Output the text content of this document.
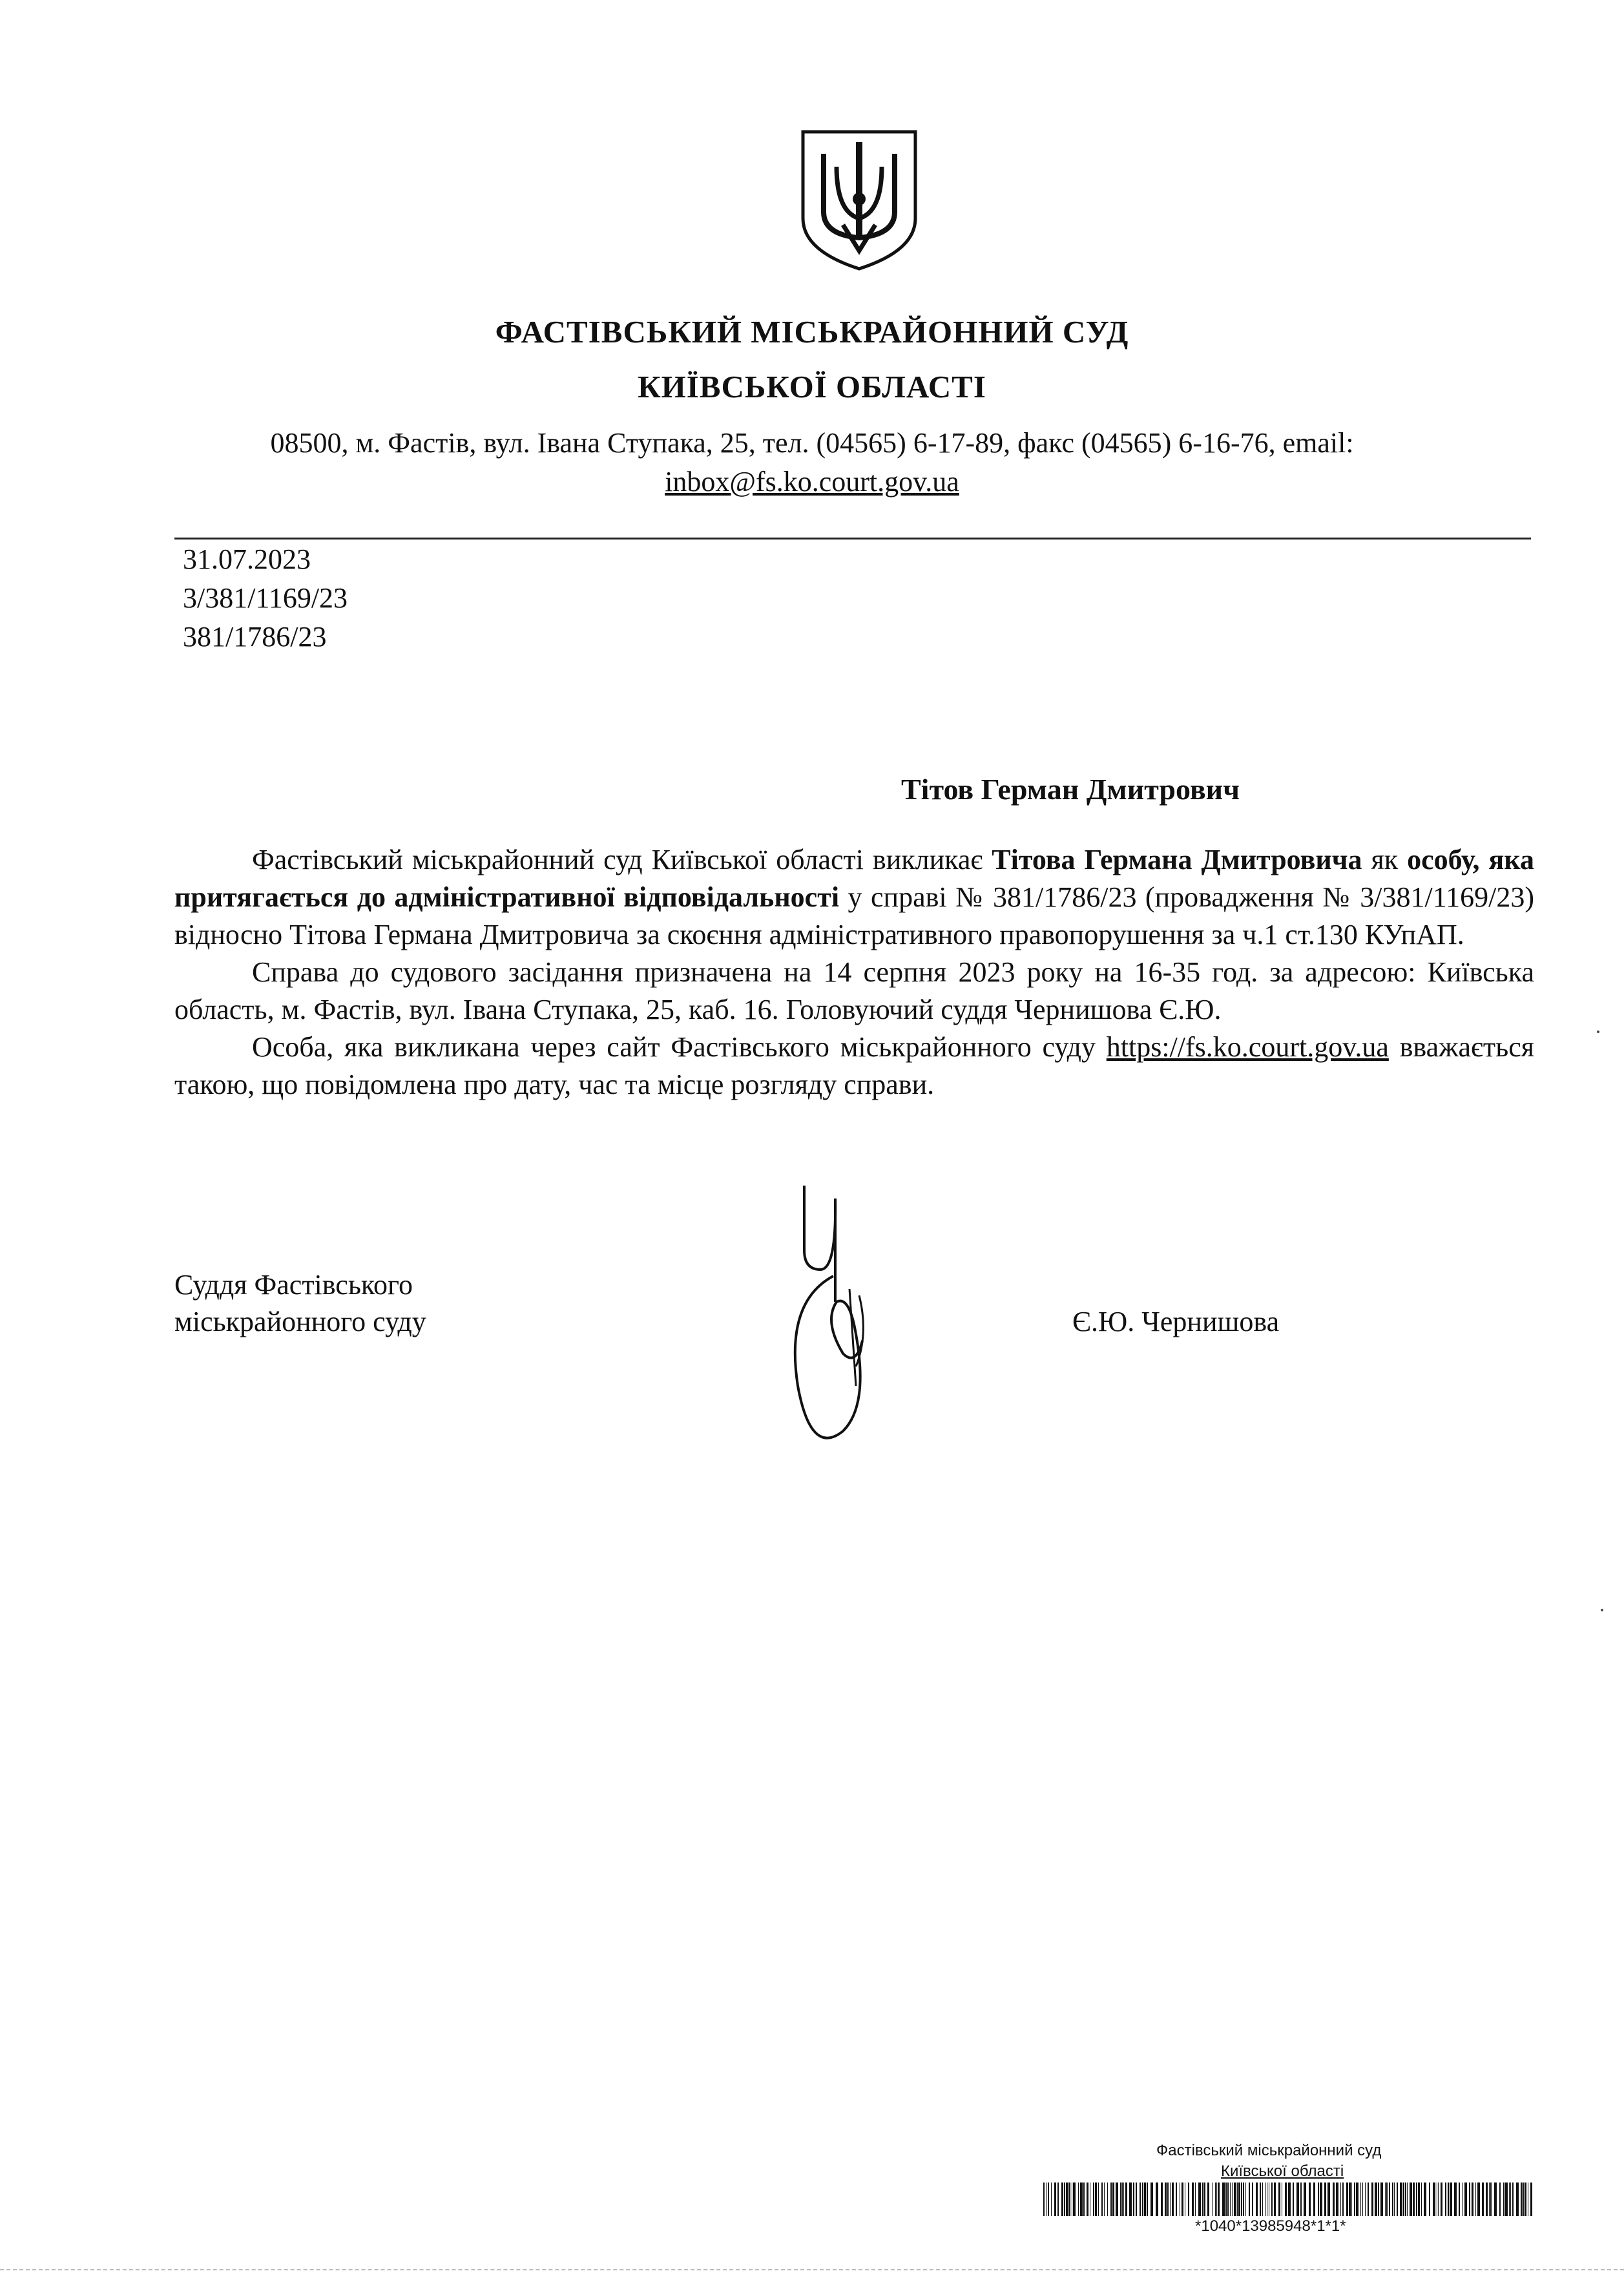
ФАСТІВСЬКИЙ МІСЬКРАЙОННИЙ СУД
КИЇВСЬКОЇ ОБЛАСТІ
08500, м. Фастів, вул. Івана Ступака, 25, тел. (04565) 6-17-89, факс (04565) 6-16-76, email:
inbox@fs.ko.court.gov.ua
31.07.2023
3/381/1169/23
381/1786/23
Тітов Герман Дмитрович

Фастівський міськрайонний суд Київської області викликає Тітова Германа Дмитровича як особу, яка притягається до адміністративної відповідальності у справі № 381/1786/23 (провадження № 3/381/1169/23) відносно Тітова Германа Дмитровича за скоєння адміністративного правопорушення за ч.1 ст.130 КУпАП.

Справа до судового засідання призначена на 14 серпня 2023 року на 16-35 год. за адресою: Київська область, м. Фастів, вул. Івана Ступака, 25, каб. 16. Головуючий суддя Чернишова Є.Ю.

Особа, яка викликана через сайт Фастівського міськрайонного суду https://fs.ko.court.gov.ua вважається такою, що повідомлена про дату, час та місце розгляду справи.

Суддя Фастівського
міськрайонного суду	Є.Ю. Чернишова
Фастівський міськрайонний суд
Київської області
*1040*13985948*1*1*
